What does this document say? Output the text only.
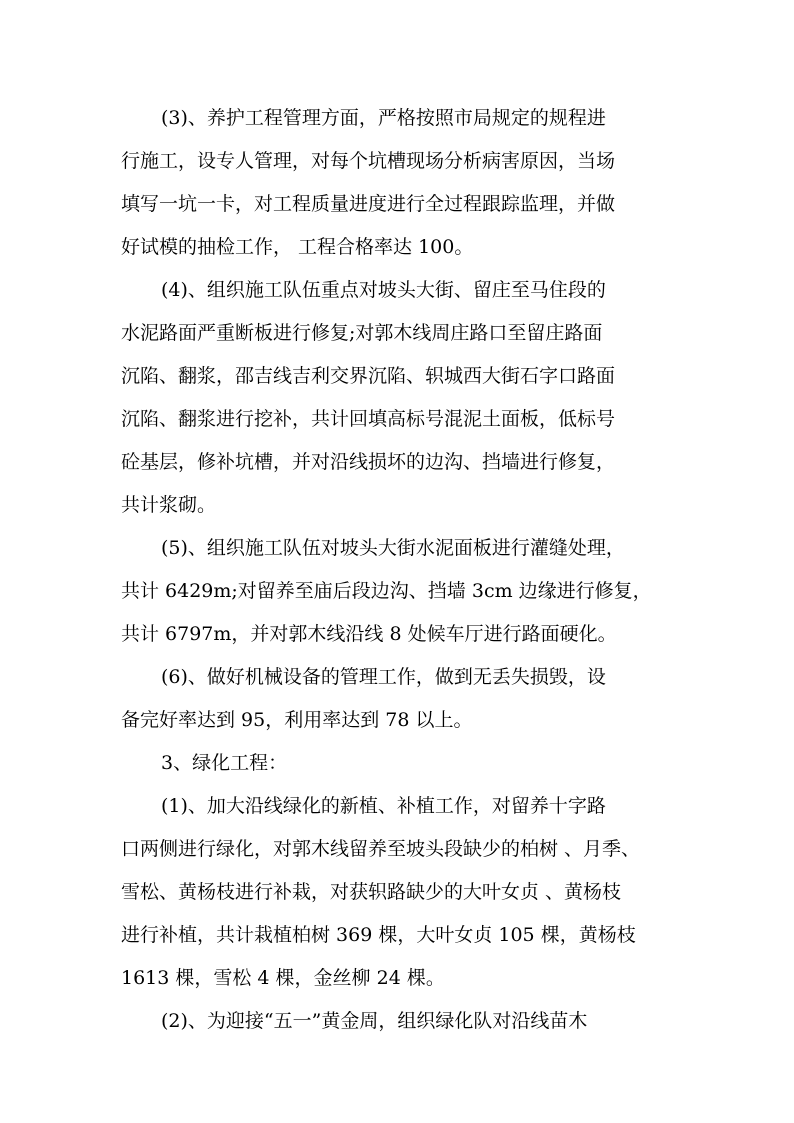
(3)、养护工程管理方面，严格按照市局规定的规程进

行施工，设专人管理，对每个坑槽现场分析病害原因，当场

填写一坑一卡，对工程质量进度进行全过程跟踪监理，并做

好试模的抽检工作， 工程合格率达 100。

(4)、组织施工队伍重点对坡头大街、留庄至马住段的

水泥路面严重断板进行修复;对郭木线周庄路口至留庄路面

沉陷、翻浆，邵吉线吉利交界沉陷、轵城西大街石字口路面

沉陷、翻浆进行挖补，共计回填高标号混泥土面板，低标号

砼基层，修补坑槽，并对沿线损坏的边沟、挡墙进行修复，

共计浆砌。

(5)、组织施工队伍对坡头大街水泥面板进行灌缝处理，

共计 6429m;对留养至庙后段边沟、挡墙 3cm 边缘进行修复，

共计 6797m，并对郭木线沿线 8 处候车厅进行路面硬化。

(6)、做好机械设备的管理工作，做到无丢失损毁，设

备完好率达到 95，利用率达到 78 以上。

3、绿化工程：

(1)、加大沿线绿化的新植、补植工作，对留养十字路

口两侧进行绿化，对郭木线留养至坡头段缺少的柏树 、月季、

雪松、黄杨枝进行补栽，对获轵路缺少的大叶女贞 、黄杨枝

进行补植，共计栽植柏树 369 棵，大叶女贞 105 棵，黄杨枝

1613 棵，雪松 4 棵，金丝柳 24 棵。

(2)、为迎接“五一”黄金周，组织绿化队对沿线苗木
